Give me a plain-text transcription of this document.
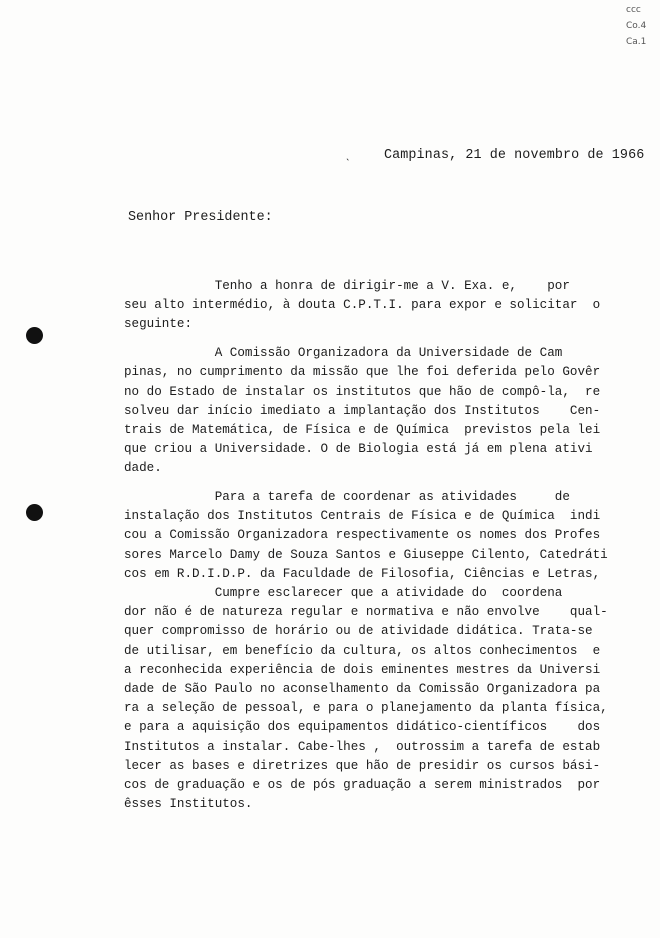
ccc
Co.4
Ca.1
ˎ Campinas, 21 de novembro de 1966
Senhor Presidente:
Tenho a honra de dirigir-me a V. Exa. e,    por
seu alto intermédio, à douta C.P.T.I. para expor e solicitar  o
seguinte:
A Comissão Organizadora da Universidade de Cam
pinas, no cumprimento da missão que lhe foi deferida pelo Govêr
no do Estado de instalar os institutos que hão de compô-la,  re
solveu dar início imediato a implantação dos Institutos    Cen-
trais de Matemática, de Física e de Química  previstos pela lei
que criou a Universidade. O de Biologia está já em plena ativi
dade.
Para a tarefa de coordenar as atividades     de
instalação dos Institutos Centrais de Física e de Química  indi
cou a Comissão Organizadora respectivamente os nomes dos Profes
sores Marcelo Damy de Souza Santos e Giuseppe Cilento, Catedráti
cos em R.D.I.D.P. da Faculdade de Filosofia, Ciências e Letras,
Cumpre esclarecer que a atividade do  coordena
dor não é de natureza regular e normativa e não envolve    qual-
quer compromisso de horário ou de atividade didática. Trata-se
de utilisar, em benefício da cultura, os altos conhecimentos  e
a reconhecida experiência de dois eminentes mestres da Universi
dade de São Paulo no aconselhamento da Comissão Organizadora pa
ra a seleção de pessoal, e para o planejamento da planta física,
e para a aquisição dos equipamentos didático-científicos    dos
Institutos a instalar. Cabe-lhes ,  outrossim a tarefa de estab
lecer as bases e diretrizes que hão de presidir os cursos bási-
cos de graduação e os de pós graduação a serem ministrados  por
êsses Institutos.
